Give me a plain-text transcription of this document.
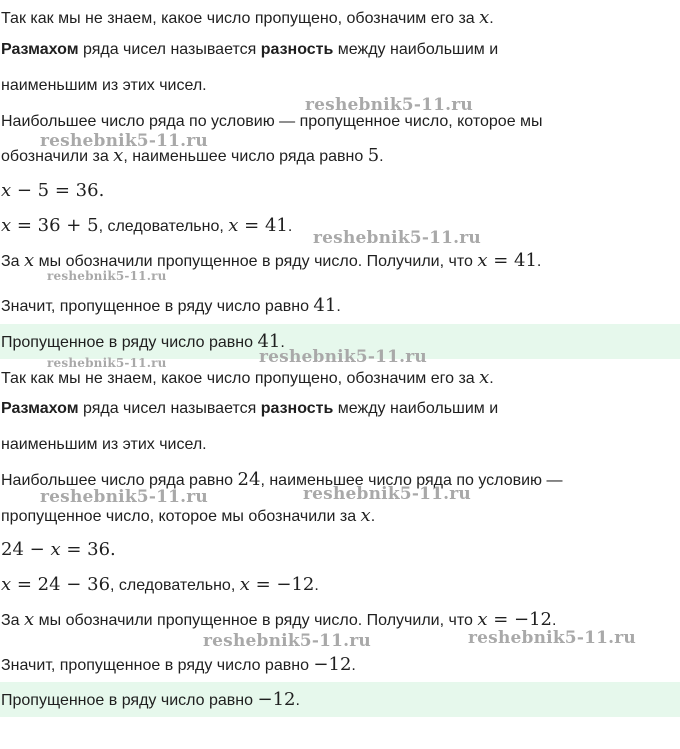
Так как мы не знаем, какое число пропущено, обозначим его за x.
Размахом ряда чисел называется разность между наибольшим и
наименьшим из этих чисел.
Наибольшее число ряда по условию — пропущенное число, которое мы
обозначили за x, наименьшее число ряда равно 5.
x − 5 = 36.
x = 36 + 5, следовательно, x = 41.
За x мы обозначили пропущенное в ряду число. Получили, что x = 41.
Значит, пропущенное в ряду число равно 41.
Пропущенное в ряду число равно 41.
Так как мы не знаем, какое число пропущено, обозначим его за x.
Размахом ряда чисел называется разность между наибольшим и
наименьшим из этих чисел.
Наибольшее число ряда равно 24, наименьшее число ряда по условию —
пропущенное число, которое мы обозначили за x.
24 − x = 36.
x = 24 − 36, следовательно, x = −12.
За x мы обозначили пропущенное в ряду число. Получили, что x = −12.
Значит, пропущенное в ряду число равно −12.
Пропущенное в ряду число равно −12.
reshebnik5-11.ru
reshebnik5-11.ru
reshebnik5-11.ru
reshebnik5-11.ru
reshebnik5-11.ru	reshebnik5-11.ru
reshebnik5-11.ru	reshebnik5-11.ru
reshebnik5-11.ru	reshebnik5-11.ru
